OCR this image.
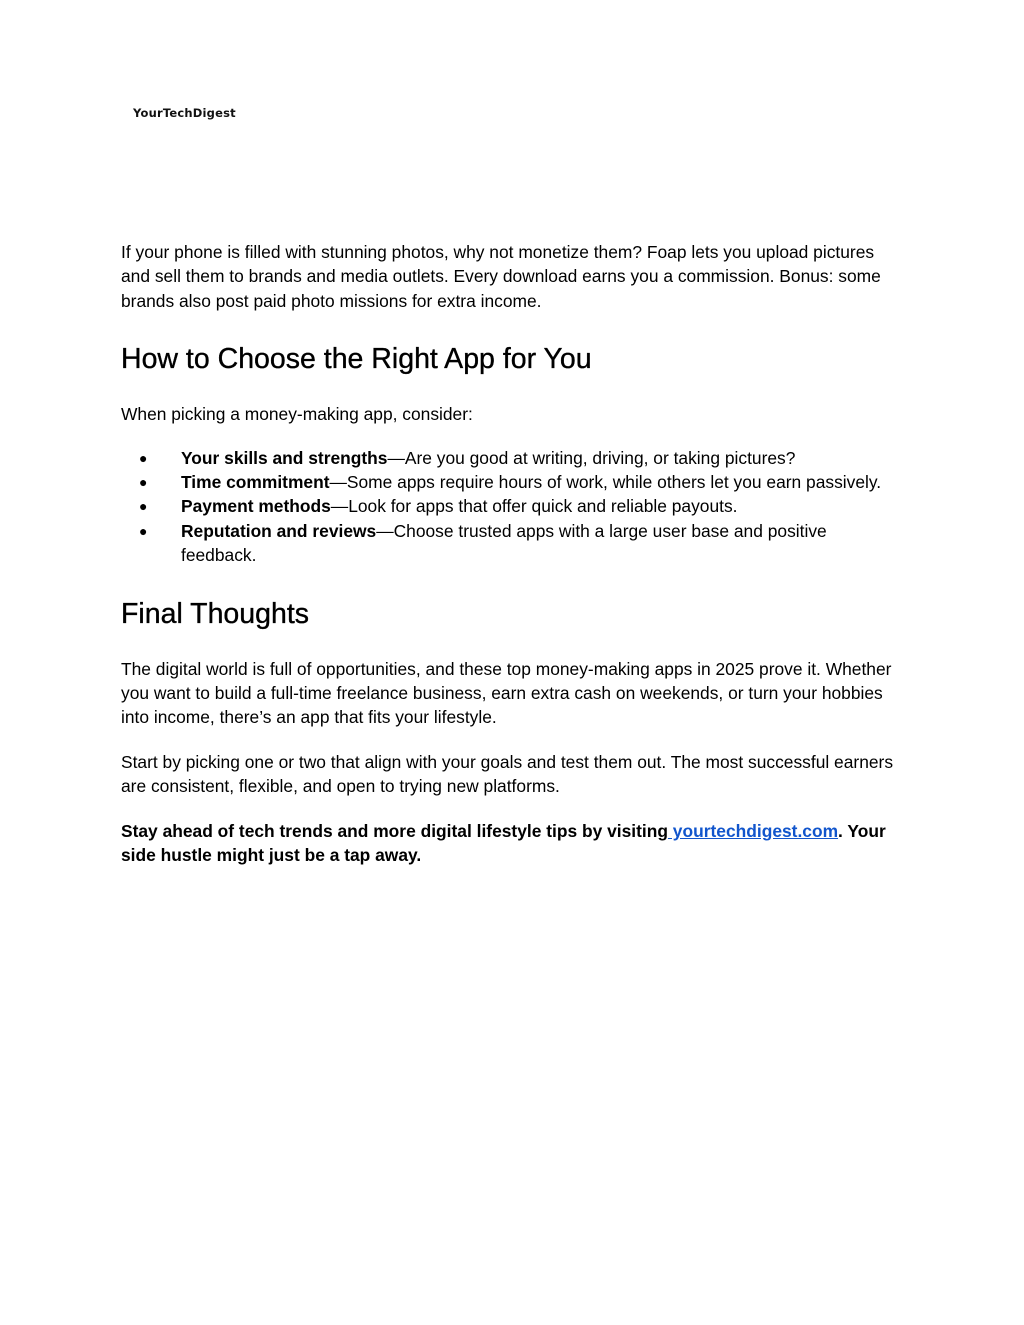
YourTechDigest

If your phone is filled with stunning photos, why not monetize them? Foap lets you upload pictures and sell them to brands and media outlets. Every download earns you a commission. Bonus: some brands also post paid photo missions for extra income.

How to Choose the Right App for You

When picking a money-making app, consider:

● Your skills and strengths—Are you good at writing, driving, or taking pictures?
● Time commitment—Some apps require hours of work, while others let you earn passively.
● Payment methods—Look for apps that offer quick and reliable payouts.
● Reputation and reviews—Choose trusted apps with a large user base and positive feedback.
Final Thoughts

The digital world is full of opportunities, and these top money-making apps in 2025 prove it. Whether you want to build a full-time freelance business, earn extra cash on weekends, or turn your hobbies into income, there’s an app that fits your lifestyle.

Start by picking one or two that align with your goals and test them out. The most successful earners are consistent, flexible, and open to trying new platforms.

Stay ahead of tech trends and more digital lifestyle tips by visiting yourtechdigest.com. Your side hustle might just be a tap away.
